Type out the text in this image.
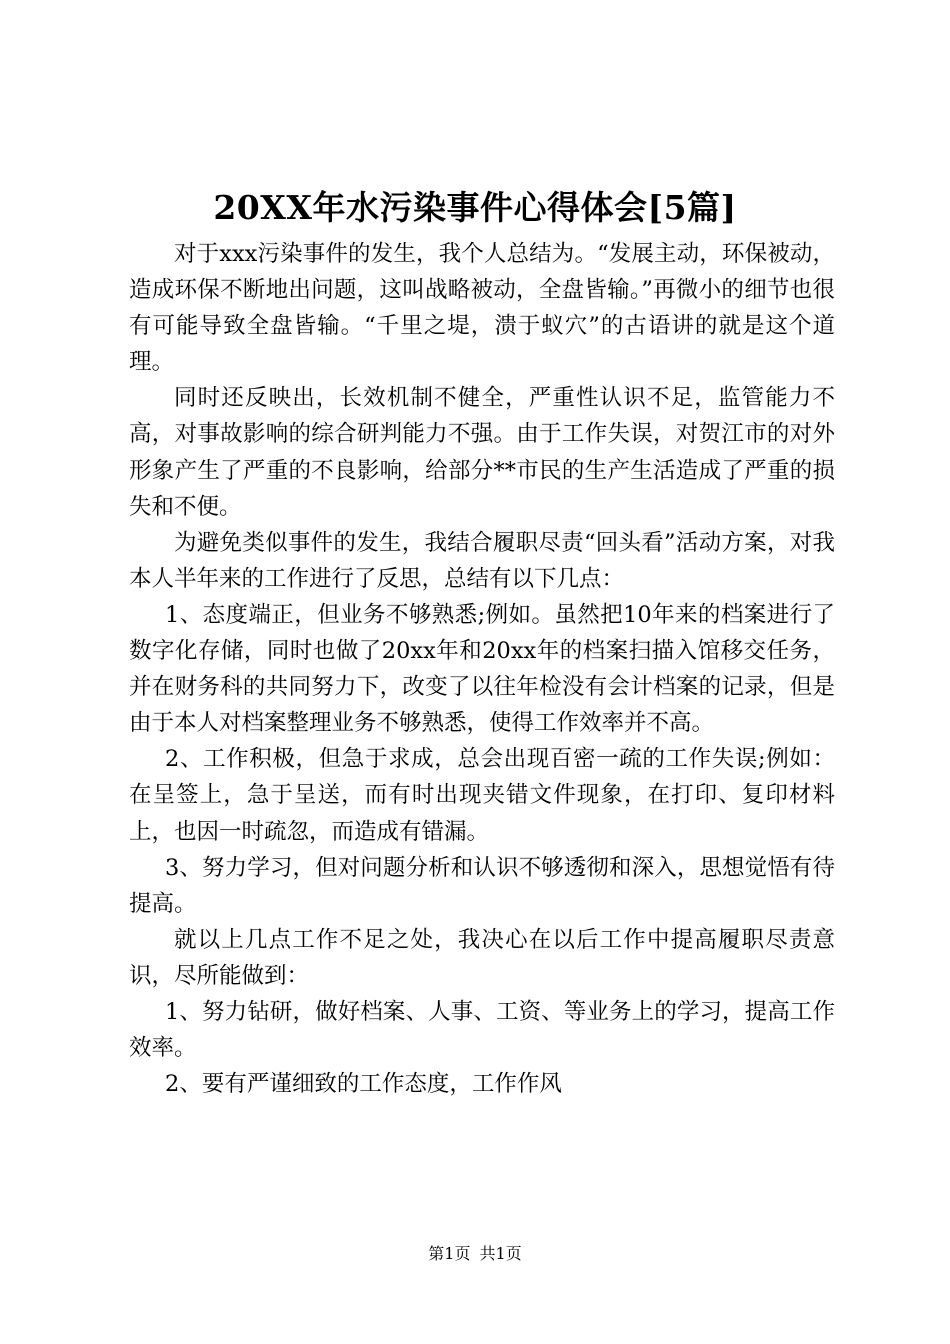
20XX年水污染事件心得体会[5篇]

对于xxx污染事件的发生，我个人总结为。“发展主动，环保被动，造成环保不断地出问题，这叫战略被动，全盘皆输。”再微小的细节也很有可能导致全盘皆输。“千里之堤，溃于蚁穴”的古语讲的就是这个道理。

同时还反映出，长效机制不健全，严重性认识不足，监管能力不高，对事故影响的综合研判能力不强。由于工作失误，对贺江市的对外形象产生了严重的不良影响，给部分**市民的生产生活造成了严重的损失和不便。

为避免类似事件的发生，我结合履职尽责“回头看”活动方案，对我本人半年来的工作进行了反思，总结有以下几点：

1、态度端正，但业务不够熟悉;例如。虽然把10年来的档案进行了数字化存储，同时也做了20xx年和20xx年的档案扫描入馆移交任务，并在财务科的共同努力下，改变了以往年检没有会计档案的记录，但是由于本人对档案整理业务不够熟悉，使得工作效率并不高。

2、工作积极，但急于求成，总会出现百密一疏的工作失误;例如：在呈签上，急于呈送，而有时出现夹错文件现象，在打印、复印材料上，也因一时疏忽，而造成有错漏。

3、努力学习，但对问题分析和认识不够透彻和深入，思想觉悟有待提高。

就以上几点工作不足之处，我决心在以后工作中提高履职尽责意识，尽所能做到：

1、努力钻研，做好档案、人事、工资、等业务上的学习，提高工作效率。

2、要有严谨细致的工作态度，工作作风

第1页 共1页
